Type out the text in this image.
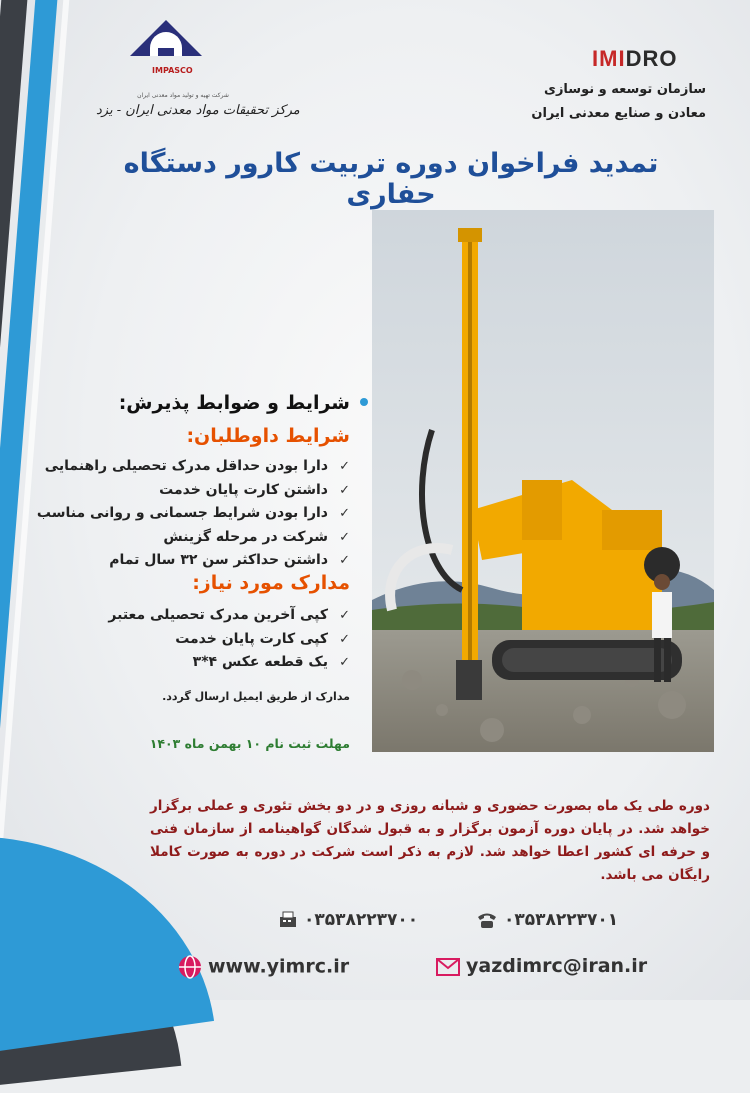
IMPASCO
شرکت تهیه و تولید مواد معدنی ایران
مرکز تحقیقات مواد معدنی ایران - یزد
IMIDRO
سازمان توسعه و نوسازی
معادن و صنایع معدنی ایران
تمدید فراخوان دوره تربیت کارور دستگاه حفاری
شرایط و ضوابط پذیرش:
شرایط داوطلبان:
✓دارا بودن حداقل مدرک تحصیلی راهنمایی
✓داشتن کارت پایان خدمت
✓دارا بودن شرایط جسمانی و روانی مناسب
✓شرکت در مرحله گزینش
✓داشتن حداکثر سن ۳۲ سال تمام
مدارک مورد نیاز:
✓کپی آخرین مدرک تحصیلی معتبر
✓کپی کارت پایان خدمت
✓یک قطعه عکس ۴*۳
مدارک از طریق ایمیل ارسال گردد.
مهلت ثبت نام ۱۰ بهمن ماه ۱۴۰۳
دوره طی یک ماه بصورت حضوری و شبانه روزی و در دو بخش تئوری و عملی برگزار خواهد شد. در پایان دوره آزمون برگزار و به قبول شدگان گواهینامه از سازمان فنی و حرفه ای کشور اعطا خواهد شد. لازم به ذکر است شرکت در دوره به صورت کاملا رایگان می باشد.
۰۳۵۳۸۲۲۳۷۰۰	۰۳۵۳۸۲۲۳۷۰۱
www.yimrc.ir	yazdimrc@iran.ir
